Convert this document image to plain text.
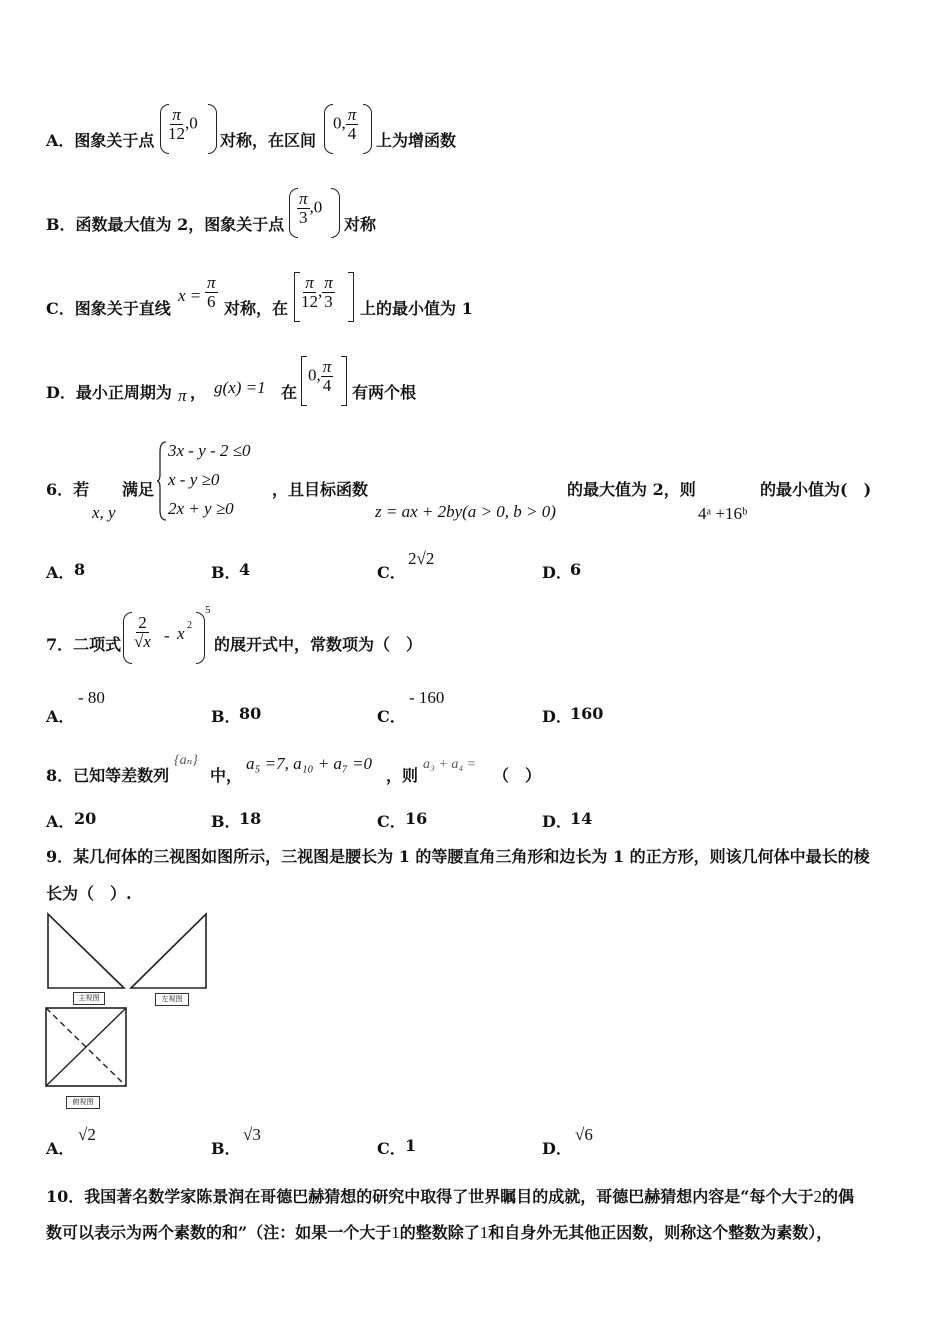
A．图象关于点 $\frac{\pi}{12} ,0$
对称，在区间
0, $\frac{\pi}{4}$ 上为增函数
B．函数最大值为 2，图象关于点 $\frac{\pi}{3} ,0$
对称
C．图象关于直线
$x = \frac{\pi}{6}$ 对称，在 $\frac{\pi}{12}$ , $\frac{\pi}{3}$ 上的最小值为 1
D．最小正周期为 π ， g(x) =1 在
0, $\frac{\pi}{4}$ 有两个根
6．若
x, y
满足
3x - y - 2 ≤0
x - y ≥0
2x + y ≥0
，且目标函数
z = ax + 2by(a > 0, b > 0)
的最大值为 2，则
4ᵃ +16ᵇ
的最小值为(　)
A． 8	B．
4	C．
2√2
D．
6
7．二项式 $\frac{2}{√x}$ - x 2
5
的展开式中，常数项为（　）
A．
- 80
B．
80	C．
- 160
D．
160
8．已知等差数列
{aₙ}
中，
a₅ =7, a₁₀ + a₇ =0
，则
a₃ + a₄ =
（　）
A． 20	B．
18	C． 16	D．
14
9．某几何体的三视图如图所示，三视图是腰长为 1 的等腰直角三角形和边长为 1 的正方形，则该几何体中最长的棱
长为（　）.
主视图	左视图
俯视图
A．
√2
B．
√3
C． 1	D．
√6
10．我国著名数学家陈景润在哥德巴赫猜想的研究中取得了世界瞩目的成就，哥德巴赫猜想内容是“每个大于2的偶
数可以表示为两个素数的和”（注：如果一个大于1的整数除了1和自身外无其他正因数，则称这个整数为素数），
